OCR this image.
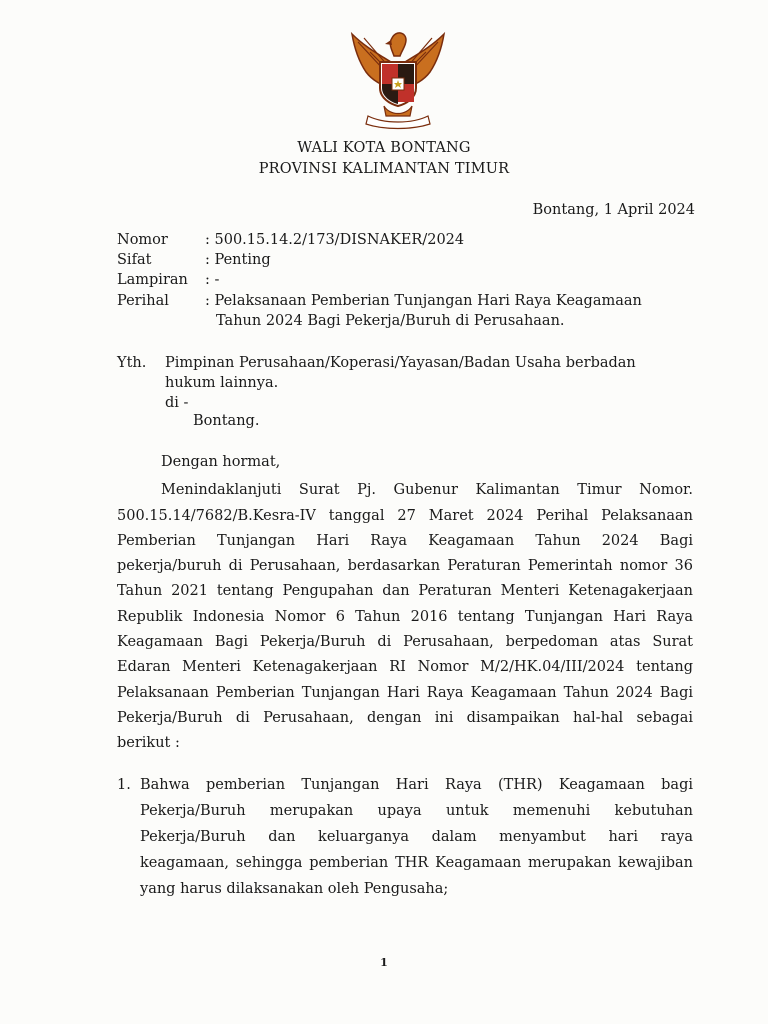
WALI KOTA BONTANG
PROVINSI KALIMANTAN TIMUR
Bontang, 1 April 2024
Nomor	: 500.15.14.2/173/DISNAKER/2024
Sifat	: Penting
Lampiran	: -
Perihal	: Pelaksanaan Pemberian Tunjangan Hari Raya Keagamaan
Tahun 2024 Bagi Pekerja/Buruh di Perusahaan.
Yth. Pimpinan Perusahaan/Koperasi/Yayasan/Badan Usaha berbadan
hukum lainnya.
di -
Bontang.
Dengan hormat,
Menindaklanjuti Surat Pj. Gubenur Kalimantan Timur Nomor.
500.15.14/7682/B.Kesra-IV tanggal 27 Maret 2024 Perihal Pelaksanaan
Pemberian Tunjangan Hari Raya Keagamaan Tahun 2024 Bagi
pekerja/buruh di Perusahaan, berdasarkan Peraturan Pemerintah nomor 36
Tahun 2021 tentang Pengupahan dan Peraturan Menteri Ketenagakerjaan
Republik Indonesia Nomor 6 Tahun 2016 tentang Tunjangan Hari Raya
Keagamaan Bagi Pekerja/Buruh di Perusahaan, berpedoman atas Surat
Edaran Menteri Ketenagakerjaan RI Nomor M/2/HK.04/III/2024 tentang
Pelaksanaan Pemberian Tunjangan Hari Raya Keagamaan Tahun 2024 Bagi
Pekerja/Buruh di Perusahaan, dengan ini disampaikan hal-hal sebagai
berikut :
1. Bahwa pemberian Tunjangan Hari Raya (THR) Keagamaan bagi
Pekerja/Buruh merupakan upaya untuk memenuhi kebutuhan
Pekerja/Buruh dan keluarganya dalam menyambut hari raya
keagamaan, sehingga pemberian THR Keagamaan merupakan kewajiban
yang harus dilaksanakan oleh Pengusaha;
1
